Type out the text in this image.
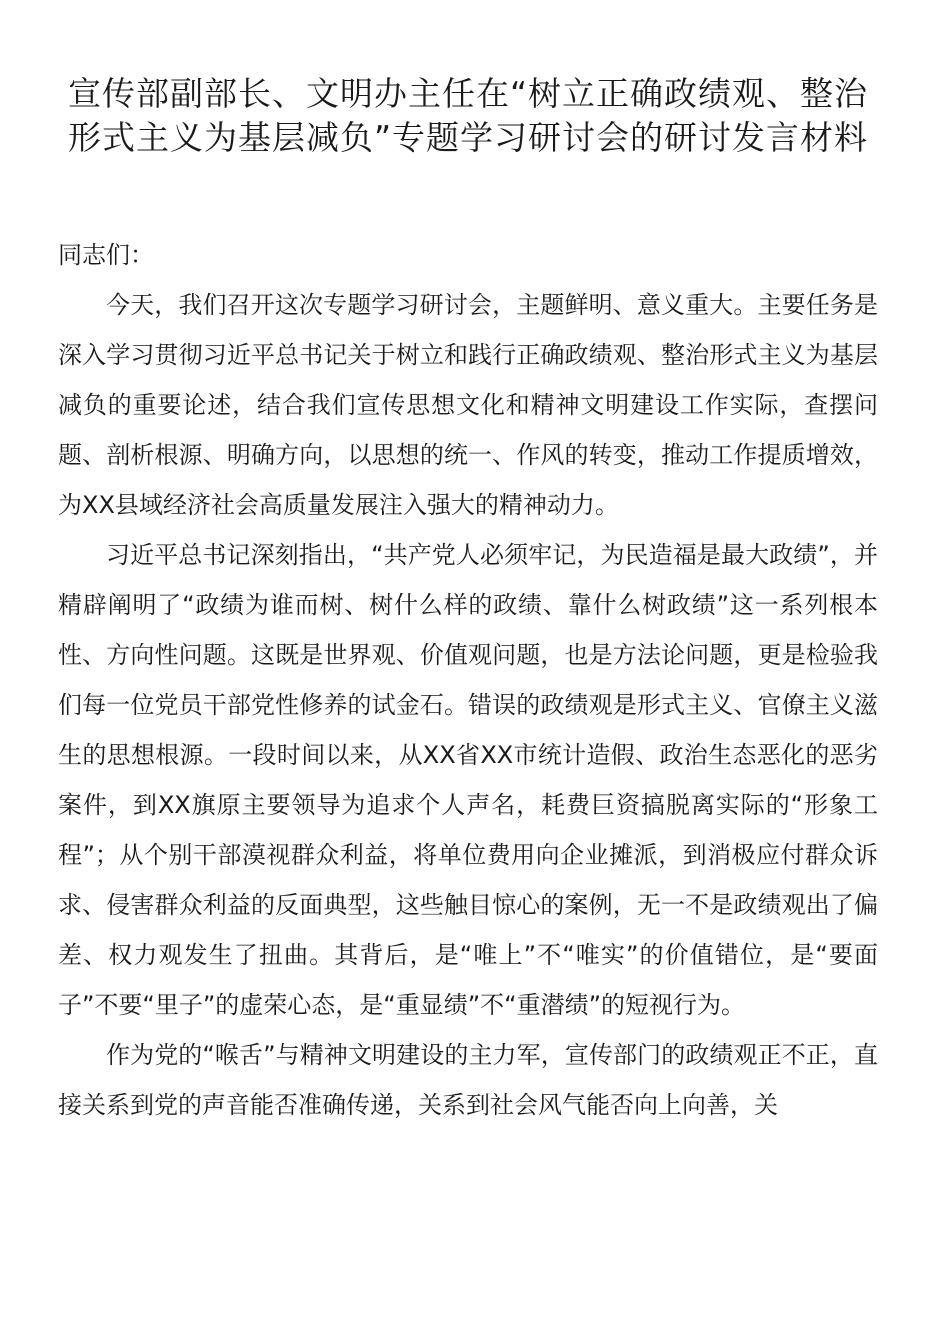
宣传部副部长、文明办主任在“树立正确政绩观、整治形式主义为基层减负”专题学习研讨会的研讨发言材料

同志们：

今天，我们召开这次专题学习研讨会，主题鲜明、意义重大。主要任务是深入学习贯彻习近平总书记关于树立和践行正确政绩观、整治形式主义为基层减负的重要论述，结合我们宣传思想文化和精神文明建设工作实际，查摆问题、剖析根源、明确方向，以思想的统一、作风的转变，推动工作提质增效，为XX县域经济社会高质量发展注入强大的精神动力。

习近平总书记深刻指出，“共产党人必须牢记，为民造福是最大政绩”，并精辟阐明了“政绩为谁而树、树什么样的政绩、靠什么树政绩”这一系列根本性、方向性问题。这既是世界观、价值观问题，也是方法论问题，更是检验我们每一位党员干部党性修养的试金石。错误的政绩观是形式主义、官僚主义滋生的思想根源。一段时间以来，从XX省XX市统计造假、政治生态恶化的恶劣案件，到XX旗原主要领导为追求个人声名，耗费巨资搞脱离实际的“形象工程”；从个别干部漠视群众利益，将单位费用向企业摊派，到消极应付群众诉求、侵害群众利益的反面典型，这些触目惊心的案例，无一不是政绩观出了偏差、权力观发生了扭曲。其背后，是“唯上”不“唯实”的价值错位，是“要面子”不要“里子”的虚荣心态，是“重显绩”不“重潜绩”的短视行为。

作为党的“喉舌”与精神文明建设的主力军，宣传部门的政绩观正不正，直接关系到党的声音能否准确传递，关系到社会风气能否向上向善，关
